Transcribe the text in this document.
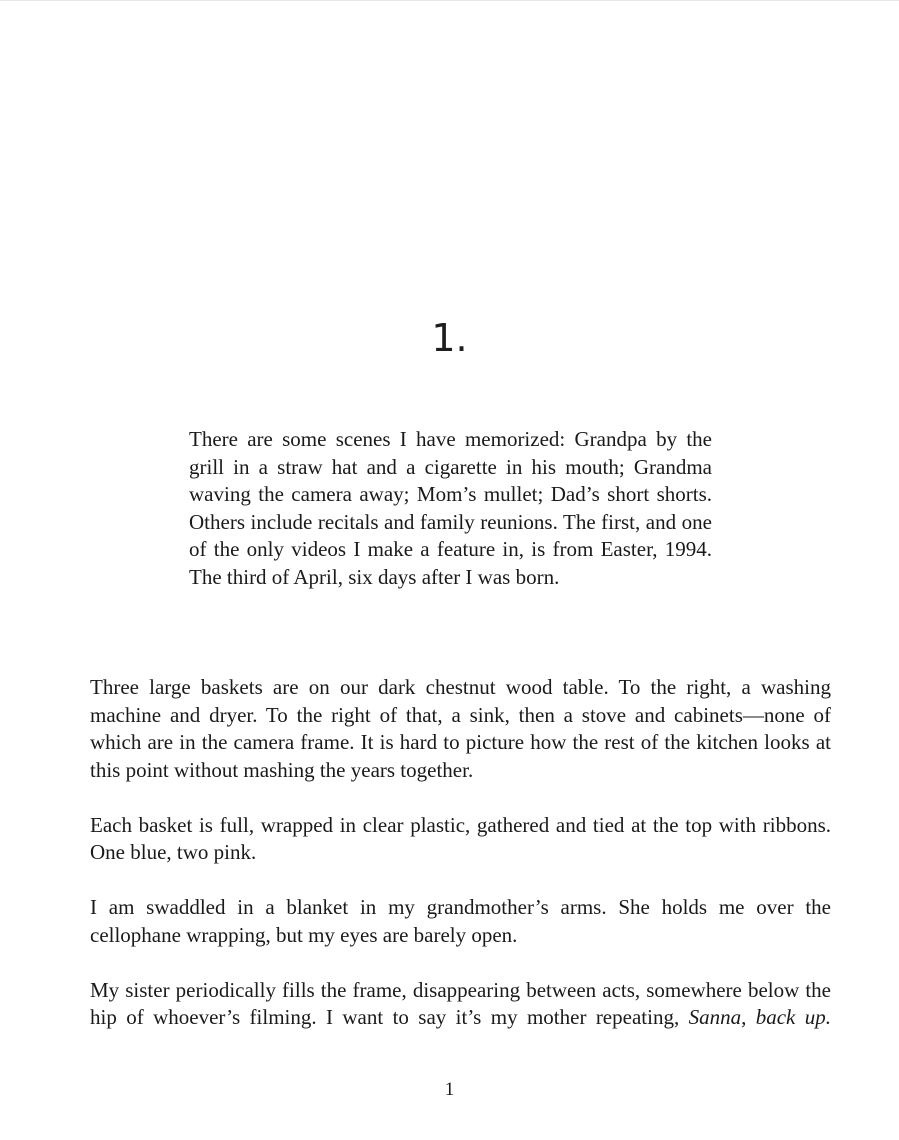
1.

There are some scenes I have memorized: Grandpa by the grill in a straw hat and a cigarette in his mouth; Grandma waving the camera away; Mom’s mullet; Dad’s short shorts. Others include recitals and family reunions. The first, and one of the only videos I make a feature in, is from Easter, 1994. The third of April, six days after I was born.

Three large baskets are on our dark chestnut wood table. To the right, a washing machine and dryer. To the right of that, a sink, then a stove and cabinets—none of which are in the camera frame. It is hard to picture how the rest of the kitchen looks at this point without mashing the years together.

Each basket is full, wrapped in clear plastic, gathered and tied at the top with ribbons. One blue, two pink.

I am swaddled in a blanket in my grandmother’s arms. She holds me over the cellophane wrapping, but my eyes are barely open.

My sister periodically fills the frame, disappearing between acts, somewhere below the hip of whoever’s filming. I want to say it’s my mother repeating, Sanna, back up.

1
